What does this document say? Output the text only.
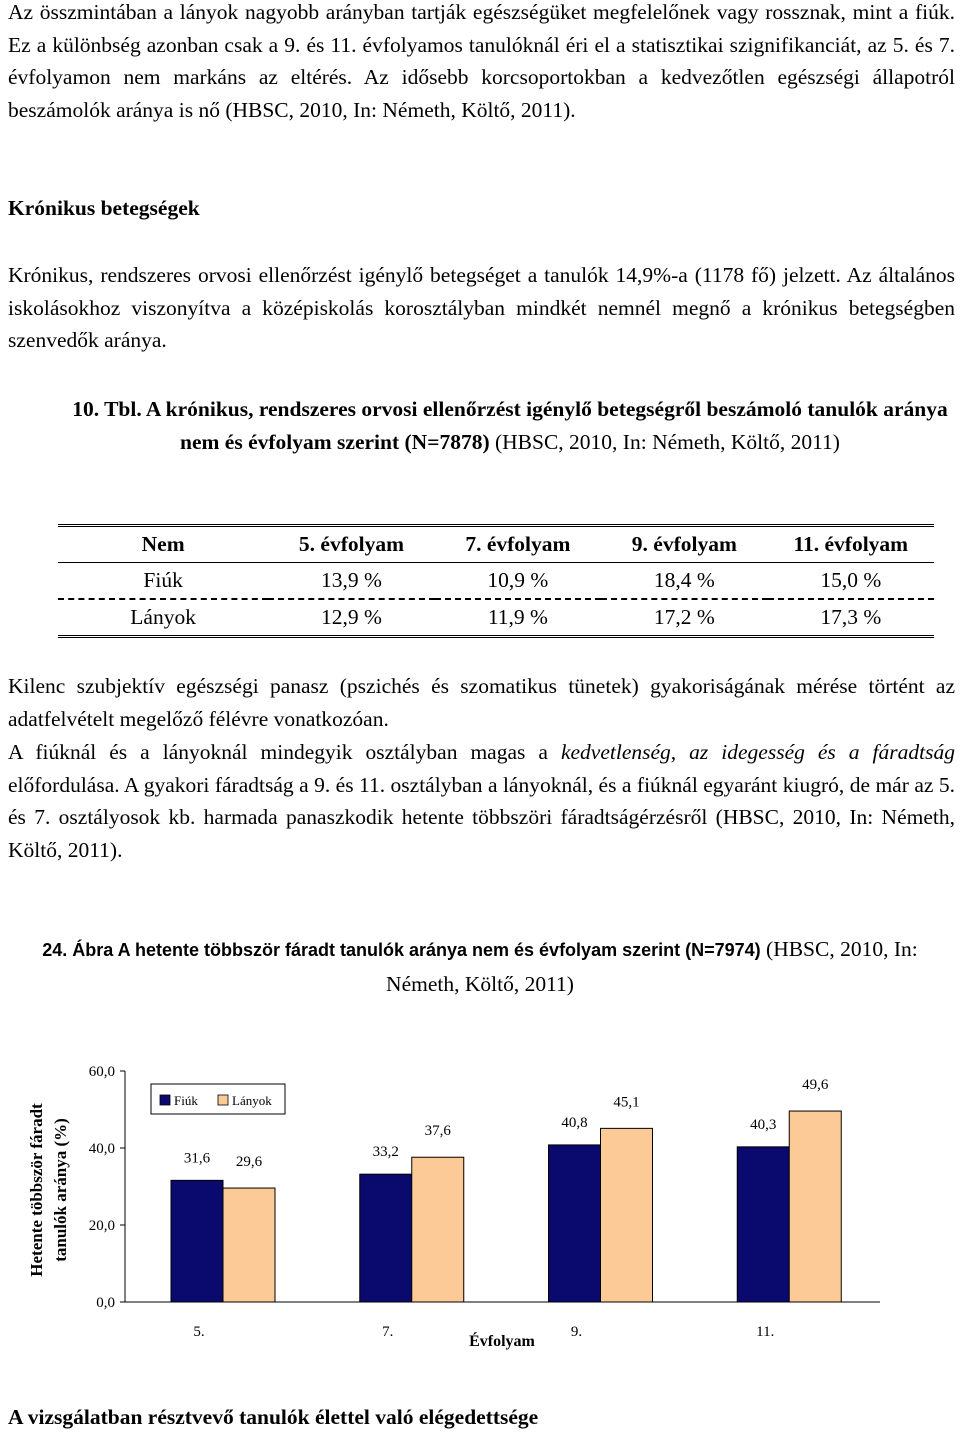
Az összmintában a lányok nagyobb arányban tartják egészségüket megfelelőnek vagy rossznak, mint a fiúk. Ez a különbség azonban csak a 9. és 11. évfolyamos tanulóknál éri el a statisztikai szignifikanciát, az 5. és 7. évfolyamon nem markáns az eltérés. Az idősebb korcsoportokban a kedvezőtlen egészségi állapotról beszámolók aránya is nő (HBSC, 2010, In: Németh, Költő, 2011).

Krónikus betegségek

Krónikus, rendszeres orvosi ellenőrzést igénylő betegséget a tanulók 14,9%-a (1178 fő) jelzett. Az általános iskolásokhoz viszonyítva a középiskolás korosztályban mindkét nemnél megnő a krónikus betegségben szenvedők aránya.

10. Tbl. A krónikus, rendszeres orvosi ellenőrzést igénylő betegségről beszámoló tanulók aránya nem és évfolyam szerint (N=7878) (HBSC, 2010, In: Németh, Költő, 2011)

Nem	5. évfolyam	7. évfolyam	9. évfolyam	11. évfolyam
Fiúk	13,9 %	10,9 %	18,4 %	15,0 %
Lányok	12,9 %	11,9 %	17,2 %	17,3 %

Kilenc szubjektív egészségi panasz (pszichés és szomatikus tünetek) gyakoriságának mérése történt az adatfelvételt megelőző félévre vonatkozóan.

A fiúknál és a lányoknál mindegyik osztályban magas a kedvetlenség, az idegesség és a fáradtság előfordulása. A gyakori fáradtság a 9. és 11. osztályban a lányoknál, és a fiúknál egyaránt kiugró, de már az 5. és 7. osztályosok kb. harmada panaszkodik hetente többszöri fáradtságérzésről (HBSC, 2010, In: Németh, Költő, 2011).

24. Ábra A hetente többször fáradt tanulók aránya nem és évfolyam szerint (N=7974) (HBSC, 2010, In: Németh, Költő, 2011)

0,0
20,0
40,0
60,0
Hetente többször fáradt tanulók aránya (%)	31,6 29,6
5.
33,2
37,6
7.
40,8
45,1
9.
40,3
49,6
11.
Évfolyam
Fiúk	Lányok
A vizsgálatban résztvevő tanulók élettel való elégedettsége
